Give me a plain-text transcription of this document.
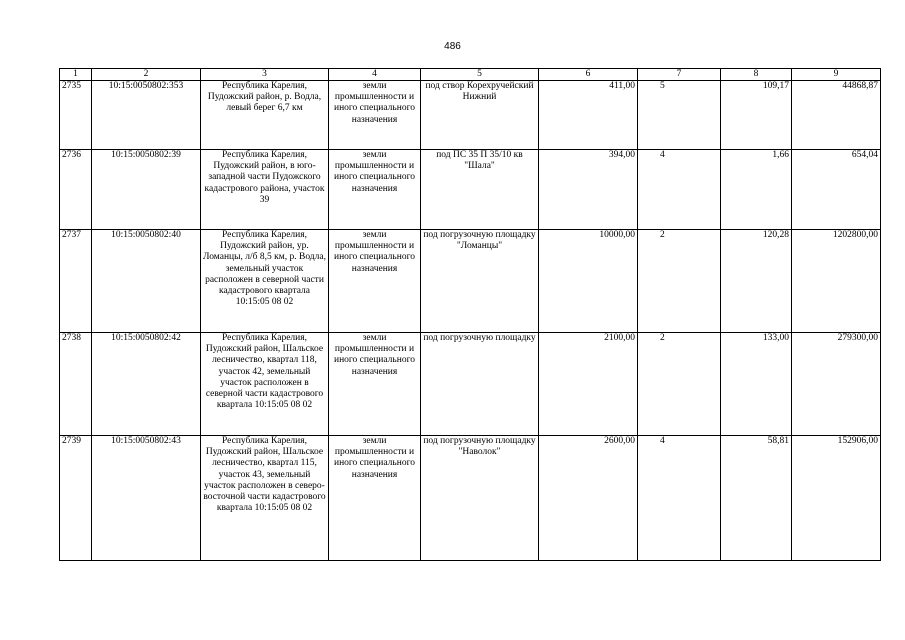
486
1	2	3	4	5	6	7	8	9
2735	10:15:0050802:353	Республика Карелия, Пудожский район, р. Водла, левый берег 6,7 км	земли промышленности и иного специального назначения	под створ Корехручейский Нижний	411,00	5	109,17	44868,87
2736	10:15:0050802:39	Республика Карелия, Пудожский район, в юго-западной части Пудожского кадастрового района, участок 39	земли промышленности и иного специального назначения	под ПС 35 П 35/10 кв "Шала"	394,00	4	1,66	654,04
2737	10:15:0050802:40	Республика Карелия, Пудожский район, ур. Ломанцы, л/б 8,5 км, р. Водла, земельный участок расположен в северной части кадастрового квартала 10:15:05 08 02	земли промышленности и иного специального назначения	под погрузочную площадку "Ломанцы"	10000,00	2	120,28	1202800,00
2738	10:15:0050802:42	Республика Карелия, Пудожский район, Шальское лесничество, квартал 118, участок 42, земельный участок расположен в северной части кадастрового квартала 10:15:05 08 02	земли промышленности и иного специального назначения	под погрузочную площадку	2100,00	2	133,00	279300,00
2739	10:15:0050802:43	Республика Карелия, Пудожский район, Шальское лесничество, квартал 115, участок 43, земельный участок расположен в северо-восточной части кадастрового квартала 10:15:05 08 02	земли промышленности и иного специального назначения	под погрузочную площадку "Наволок"	2600,00	4	58,81	152906,00
